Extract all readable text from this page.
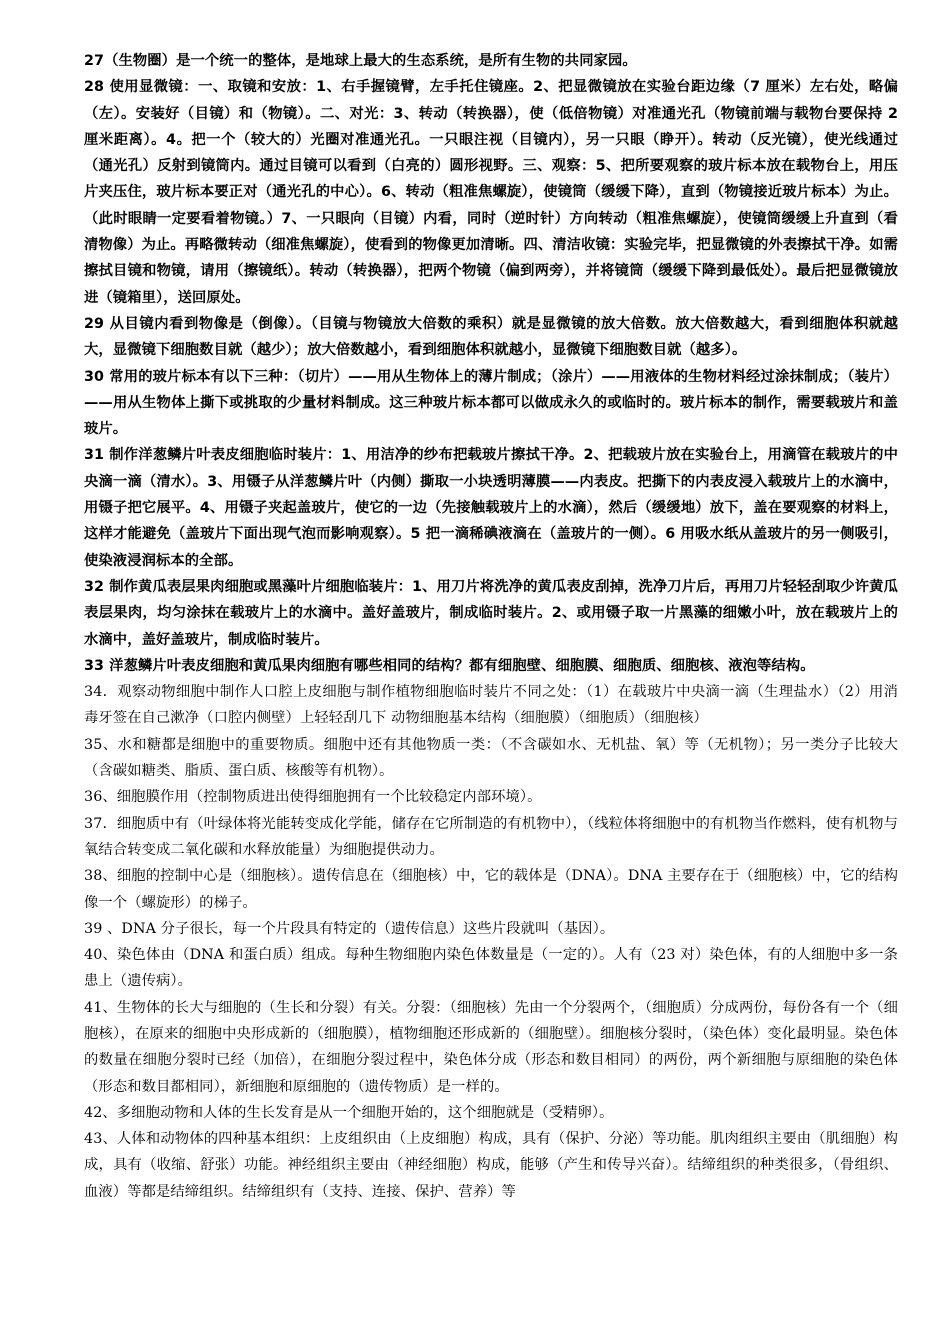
27（生物圈）是一个统一的整体，是地球上最大的生态系统，是所有生物的共同家园。

28 使用显微镜：一、取镜和安放：1、右手握镜臂，左手托住镜座。2、把显微镜放在实验台距边缘（7 厘米）左右处，略偏（左）。安装好（目镜）和（物镜）。二、对光：3、转动（转换器），使（低倍物镜）对准通光孔（物镜前端与载物台要保持 2 厘米距离）。4。把一个（较大的）光圈对准通光孔。一只眼注视（目镜内），另一只眼（睁开）。转动（反光镜），使光线通过（通光孔）反射到镜筒内。通过目镜可以看到（白亮的）圆形视野。三、观察：5、把所要观察的玻片标本放在载物台上，用压片夹压住，玻片标本要正对（通光孔的中心）。6、转动（粗准焦螺旋），使镜筒（缓缓下降），直到（物镜接近玻片标本）为止。（此时眼睛一定要看着物镜。）7、一只眼向（目镜）内看，同时（逆时针）方向转动（粗准焦螺旋），使镜筒缓缓上升直到（看清物像）为止。再略微转动（细准焦螺旋），使看到的物像更加清晰。四、清洁收镜：实验完毕，把显微镜的外表擦拭干净。如需擦拭目镜和物镜，请用（擦镜纸）。转动（转换器），把两个物镜（偏到两旁），并将镜筒（缓缓下降到最低处）。最后把显微镜放进（镜箱里），送回原处。

29 从目镜内看到物像是（倒像）。（目镜与物镜放大倍数的乘积）就是显微镜的放大倍数。放大倍数越大，看到细胞体积就越大，显微镜下细胞数目就（越少）；放大倍数越小，看到细胞体积就越小，显微镜下细胞数目就（越多）。

30 常用的玻片标本有以下三种：（切片）——用从生物体上的薄片制成；（涂片）——用液体的生物材料经过涂抹制成；（装片）——用从生物体上撕下或挑取的少量材料制成。这三种玻片标本都可以做成永久的或临时的。玻片标本的制作，需要载玻片和盖玻片。

31 制作洋葱鳞片叶表皮细胞临时装片：1、用洁净的纱布把载玻片擦拭干净。2、把载玻片放在实验台上，用滴管在载玻片的中央滴一滴（清水）。3、用镊子从洋葱鳞片叶（内侧）撕取一小块透明薄膜——内表皮。把撕下的内表皮浸入载玻片上的水滴中，用镊子把它展平。4、用镊子夹起盖玻片，使它的一边（先接触载玻片上的水滴），然后（缓缓地）放下，盖在要观察的材料上，这样才能避免（盖玻片下面出现气泡而影响观察）。5 把一滴稀碘液滴在（盖玻片的一侧）。6 用吸水纸从盖玻片的另一侧吸引，使染液浸润标本的全部。

32 制作黄瓜表层果肉细胞或黑藻叶片细胞临装片：1、用刀片将洗净的黄瓜表皮刮掉，洗净刀片后，再用刀片轻轻刮取少许黄瓜表层果肉，均匀涂抹在载玻片上的水滴中。盖好盖玻片，制成临时装片。2、或用镊子取一片黑藻的细嫩小叶，放在载玻片上的水滴中，盖好盖玻片，制成临时装片。

33 洋葱鳞片叶表皮细胞和黄瓜果肉细胞有哪些相同的结构？都有细胞壁、细胞膜、细胞质、细胞核、液泡等结构。

34．观察动物细胞中制作人口腔上皮细胞与制作植物细胞临时装片不同之处：（1）在载玻片中央滴一滴（生理盐水）（2）用消毒牙签在自己漱净（口腔内侧壁）上轻轻刮几下 动物细胞基本结构（细胞膜）（细胞质）（细胞核）

35、水和糖都是细胞中的重要物质。细胞中还有其他物质一类：（不含碳如水、无机盐、氧）等（无机物）；另一类分子比较大（含碳如糖类、脂质、蛋白质、核酸等有机物）。

36、细胞膜作用（控制物质进出使得细胞拥有一个比较稳定内部环境）。

37．细胞质中有（叶绿体将光能转变成化学能，储存在它所制造的有机物中），（线粒体将细胞中的有机物当作燃料，使有机物与氧结合转变成二氧化碳和水释放能量）为细胞提供动力。

38、细胞的控制中心是（细胞核）。遗传信息在（细胞核）中，它的载体是（DNA）。DNA 主要存在于（细胞核）中，它的结构像一个（螺旋形）的梯子。

39 、DNA 分子很长，每一个片段具有特定的（遗传信息）这些片段就叫（基因）。

40、染色体由（DNA 和蛋白质）组成。每种生物细胞内染色体数量是（一定的）。人有（23 对）染色体，有的人细胞中多一条患上（遗传病）。

41、生物体的长大与细胞的（生长和分裂）有关。分裂：（细胞核）先由一个分裂两个，（细胞质）分成两份，每份各有一个（细胞核），在原来的细胞中央形成新的（细胞膜），植物细胞还形成新的（细胞壁）。细胞核分裂时，（染色体）变化最明显。染色体的数量在细胞分裂时已经（加倍），在细胞分裂过程中，染色体分成（形态和数目相同）的两份，两个新细胞与原细胞的染色体（形态和数目都相同），新细胞和原细胞的（遗传物质）是一样的。

42、多细胞动物和人体的生长发育是从一个细胞开始的，这个细胞就是（受精卵）。

43、人体和动物体的四种基本组织：上皮组织由（上皮细胞）构成，具有（保护、分泌）等功能。肌肉组织主要由（肌细胞）构成，具有（收缩、舒张）功能。神经组织主要由（神经细胞）构成，能够（产生和传导兴奋）。结缔组织的种类很多，（骨组织、血液）等都是结缔组织。结缔组织有（支持、连接、保护、营养）等
